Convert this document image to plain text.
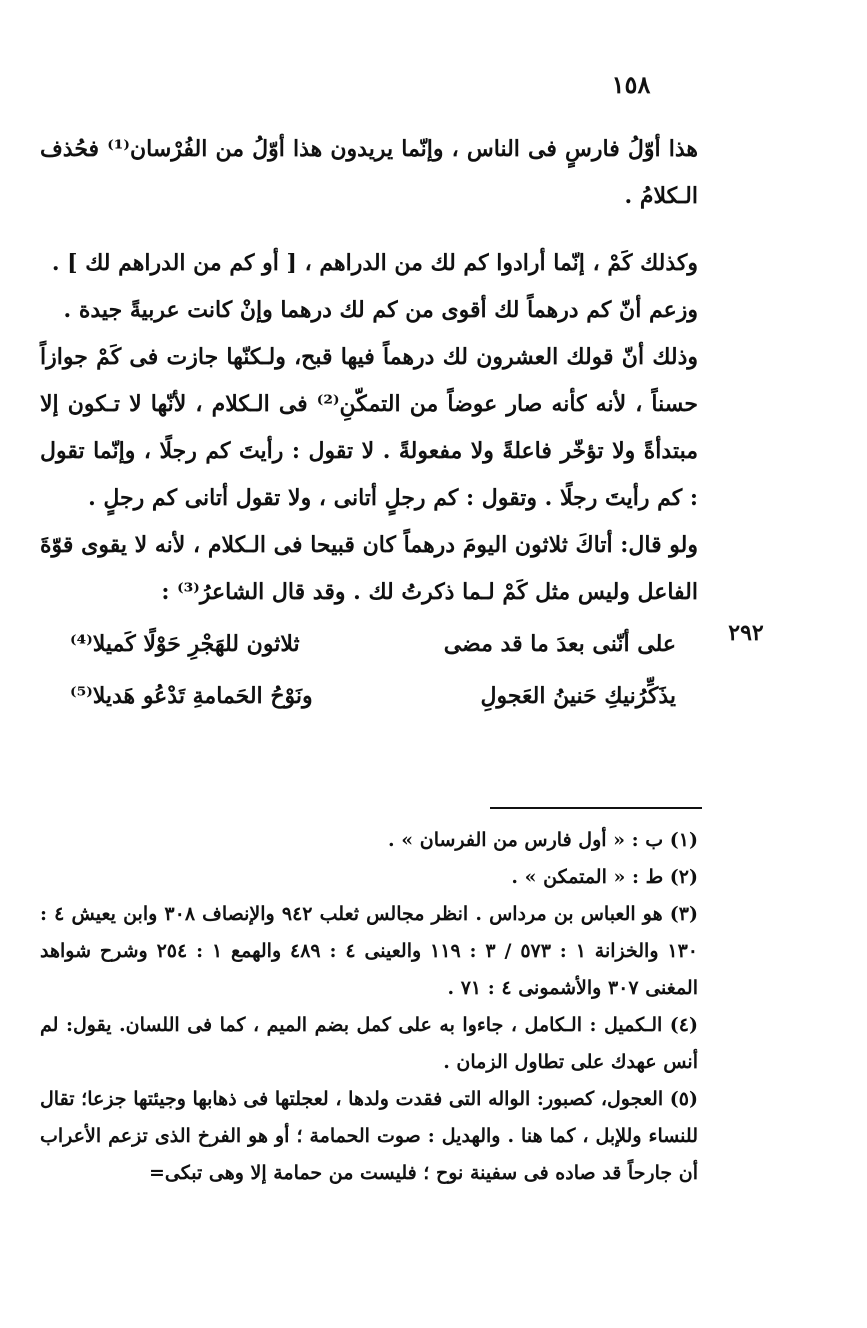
١٥٨

هذا أوّلُ فارسٍ فى الناس ، وإنّما يريدون هذا أوّلُ من الفُرْسان⁽¹⁾ فحُذف الـكلامُ .

وكذلك كَمْ ، إنّما أرادوا كم لك من الدراهم ، [ أو كم من الدراهم لك ] .

وزعم أنّ كم درهماً لك أقوى من كم لك درهما وإنْ كانت عربيةً جيدة .

وذلك أنّ قولك العشرون لك درهماً فيها قبح، ولـكنّها جازت فى كَمْ جوازاً حسناً ، لأنه كأنه صار عوضاً من التمكّنِ⁽²⁾ فى الـكلام ، لأنّها لا تـكون إلا مبتدأةً ولا تؤخّر فاعلةً ولا مفعولةً . لا تقول : رأيتَ كم رجلًا ، وإنّما تقول : كم رأيتَ رجلًا . وتقول : كم رجلٍ أتانى ، ولا تقول أتانى كم رجلٍ .

ولو قال: أتاكَ ثلاثون اليومَ درهماً كان قبيحا فى الـكلام ، لأنه لا يقوى قوّةَ الفاعل وليس مثل كَمْ لـما ذكرتُ لك . وقد قال الشاعرُ⁽³⁾ :

على أنّنى بعدَ ما قد مضى
ثلاثون للهَجْرِ حَوْلًا كَميلا⁽⁴⁾
يذَكِّرُنيكِ حَنينُ العَجولِ
ونَوْحُ الحَمامةِ تَدْعُو هَديلا⁽⁵⁾
٢٩٢

(١) ب : « أول فارس من الفرسان » .

(٢) ط : « المتمكن » .

(٣) هو العباس بن مرداس . انظر مجالس ثعلب ٩٤٢ والإنصاف ٣٠٨ وابن يعيش ٤ : ١٣٠ والخزانة ١ : ٥٧٣ / ٣ : ١١٩ والعينى ٤ : ٤٨٩ والهمع ١ : ٢٥٤ وشرح شواهد المغنى ٣٠٧ والأشمونى ٤ : ٧١ .

(٤) الـكميل : الـكامل ، جاءوا به على كمل بضم الميم ، كما فى اللسان. يقول: لم أنس عهدك على تطاول الزمان .

(٥) العجول، كصبور: الواله التى فقدت ولدها ، لعجلتها فى ذهابها وجيئتها جزعا؛ تقال للنساء وللإبل ، كما هنا . والهديل : صوت الحمامة ؛ أو هو الفرخ الذى تزعم الأعراب أن جارحاً قد صاده فى سفينة نوح ؛ فليست من حمامة إلا وهى تبكى=
